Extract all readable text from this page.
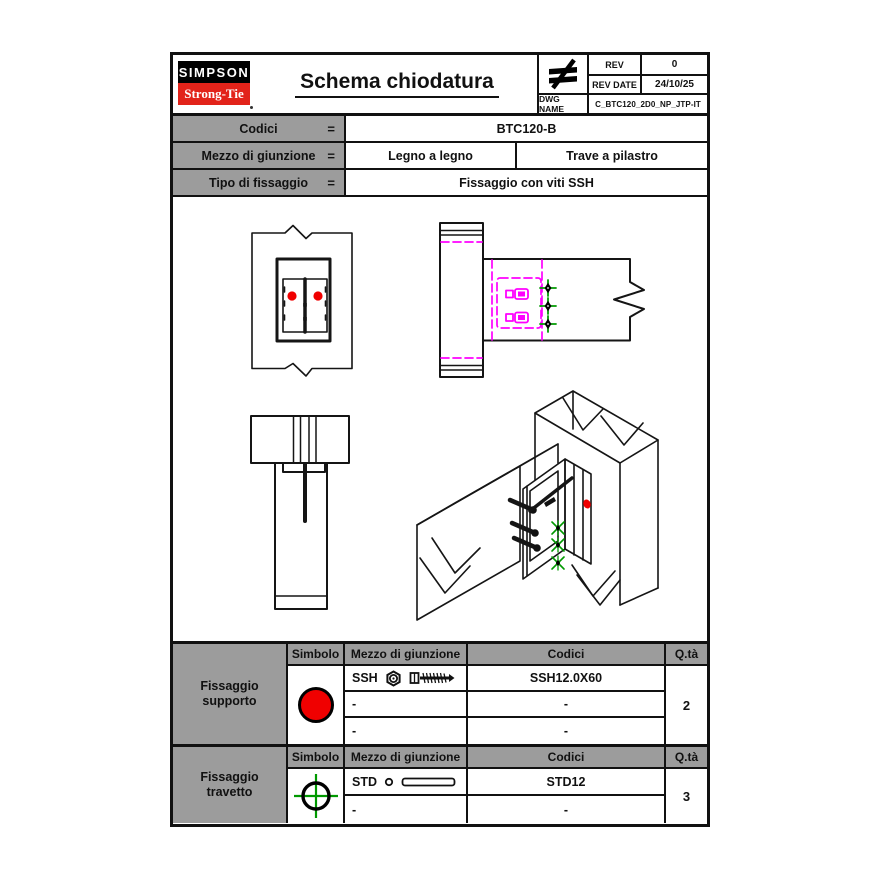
SIMPSON
Strong-Tie
Schema chiodatura
DWG NAME
REV	0
REV DATE	24/10/25
C_BTC120_2D0_NP_JTP-IT
Codici	=	BTC120-B
Mezzo di giunzione =	Legno a legno	Trave a pilastro
Tipo di fissaggio =	Fissaggio con viti SSH
Fissaggio
supporto
Simbolo Mezzo di giunzione	Codici	Q.tà
SSH	SSH12.0X60
2
-	-
-	-
Fissaggio
travetto
Simbolo Mezzo di giunzione	Codici	Q.tà
STD	STD12
3
-	-
